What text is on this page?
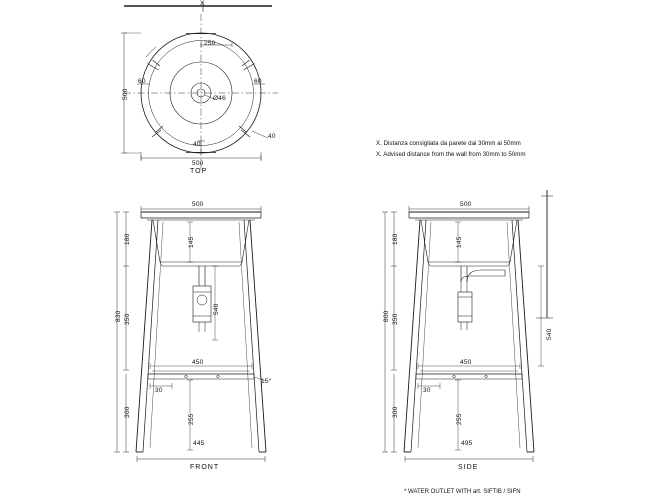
250
Ø46
60	60
40
40
500
500
X
TOP
X. Distanza consigliata da parete dai 30mm ai 50mm
X. Advised distance from the wall from 30mm to 50mm
500
180	145
350
830
300
540
450
30
255
445
15°
FRONT
500
180	145
350
800
300
540
450
30
255
495
SIDE
* WATER OUTLET WITH art. SIFTIB / SIFN
